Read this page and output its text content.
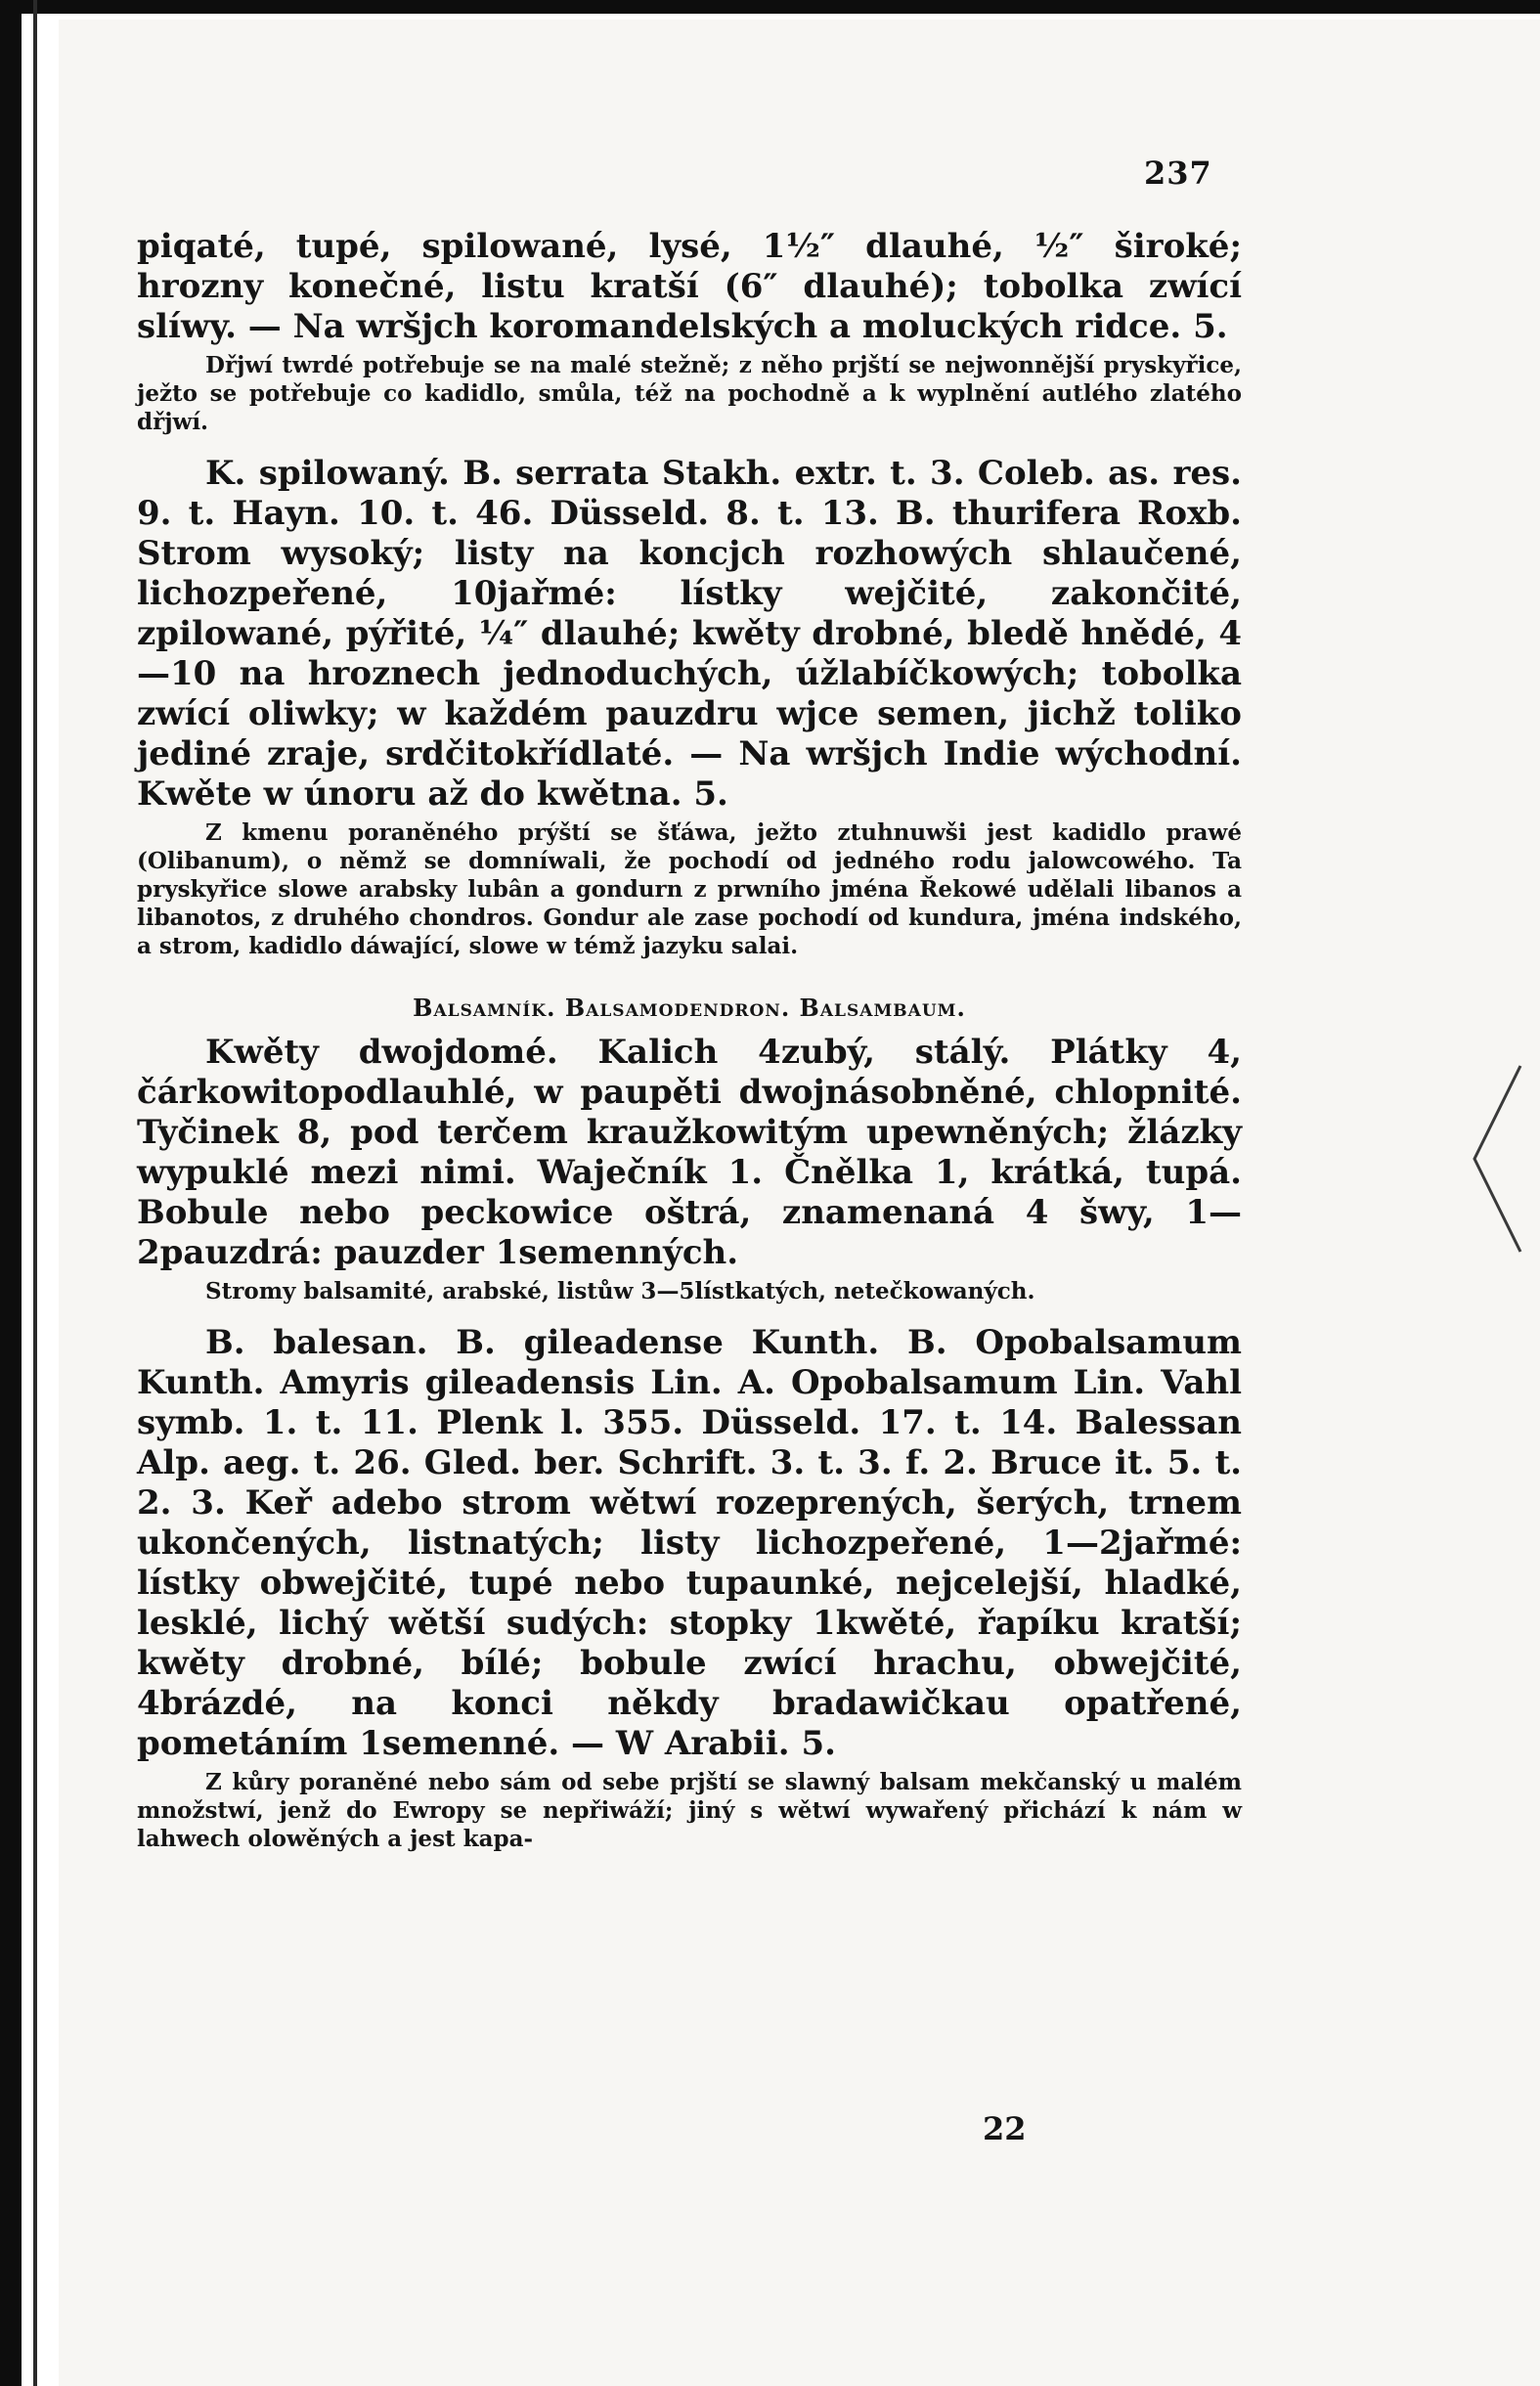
237

piqaté, tupé, spilowané, lysé, 1½″ dlauhé, ½″ široké; hrozny konečné, listu kratší (6″ dlauhé); tobolka zwící slíwy. — Na wršjch koromandelských a moluckých ridce. 5.

Dřjwí twrdé potřebuje se na malé stežně; z něho prjští se nejwonnější pryskyřice, ježto se potřebuje co kadidlo, smůla, též na pochodně a k wyplnění autlého zlatého dřjwí.

K. spilowaný. B. serrata Stakh. extr. t. 3. Coleb. as. res. 9. t. Hayn. 10. t. 46. Düsseld. 8. t. 13. B. thurifera Roxb. Strom wysoký; listy na koncjch rozhowých shlaučené, lichozpeřené, 10jařmé: lístky wejčité, zakončité, zpilowané, pýřité, ¼″ dlauhé; kwěty drobné, bledě hnědé, 4—10 na hroznech jednoduchých, úžlabíčkowých; tobolka zwící oliwky; w každém pauzdru wjce semen, jichž toliko jediné zraje, srdčitokřídlaté. — Na wršjch Indie wýchodní. Kwěte w únoru až do kwětna. 5.

Z kmenu poraněného prýští se šťáwa, ježto ztuhnuwši jest kadidlo prawé (Olibanum), o němž se domníwali, že pochodí od jedného rodu jalowcowého. Ta pryskyřice slowe arabsky lubân a gondurn z prwního jména Řekowé udělali libanos a libanotos, z druhého chondros. Gondur ale zase pochodí od kundura, jména indského, a strom, kadidlo dáwající, slowe w témž jazyku salai.

Balsamník. Balsamodendron. Balsambaum.

Kwěty dwojdomé. Kalich 4zubý, stálý. Plátky 4, čárkowitopodlauhlé, w paupěti dwojnásobněné, chlopnité. Tyčinek 8, pod terčem kraužkowitým upewněných; žlázky wypuklé mezi nimi. Waječník 1. Čnělka 1, krátká, tupá. Bobule nebo peckowice oštrá, znamenaná 4 šwy, 1—2pauzdrá: pauzder 1semenných.

Stromy balsamité, arabské, listůw 3—5lístkatých, netečkowaných.

B. balesan. B. gileadense Kunth. B. Opobalsamum Kunth. Amyris gileadensis Lin. A. Opobalsamum Lin. Vahl symb. 1. t. 11. Plenk l. 355. Düsseld. 17. t. 14. Balessan Alp. aeg. t. 26. Gled. ber. Schrift. 3. t. 3. f. 2. Bruce it. 5. t. 2. 3. Keř adebo strom wětwí rozeprených, šerých, trnem ukončených, listnatých; listy lichozpeřené, 1—2jařmé: lístky obwejčité, tupé nebo tupaunké, nejcelejší, hladké, lesklé, lichý wětší sudých: stopky 1kwěté, řapíku kratší; kwěty drobné, bílé; bobule zwící hrachu, obwejčité, 4brázdé, na konci někdy bradawičkau opatřené, pometáním 1semenné. — W Arabii. 5.

Z kůry poraněné nebo sám od sebe prjští se slawný balsam mekčanský u malém množstwí, jenž do Ewropy se nepřiwáží; jiný s wětwí wywařený přichází k nám w lahwech olowěných a jest kapa-

22
